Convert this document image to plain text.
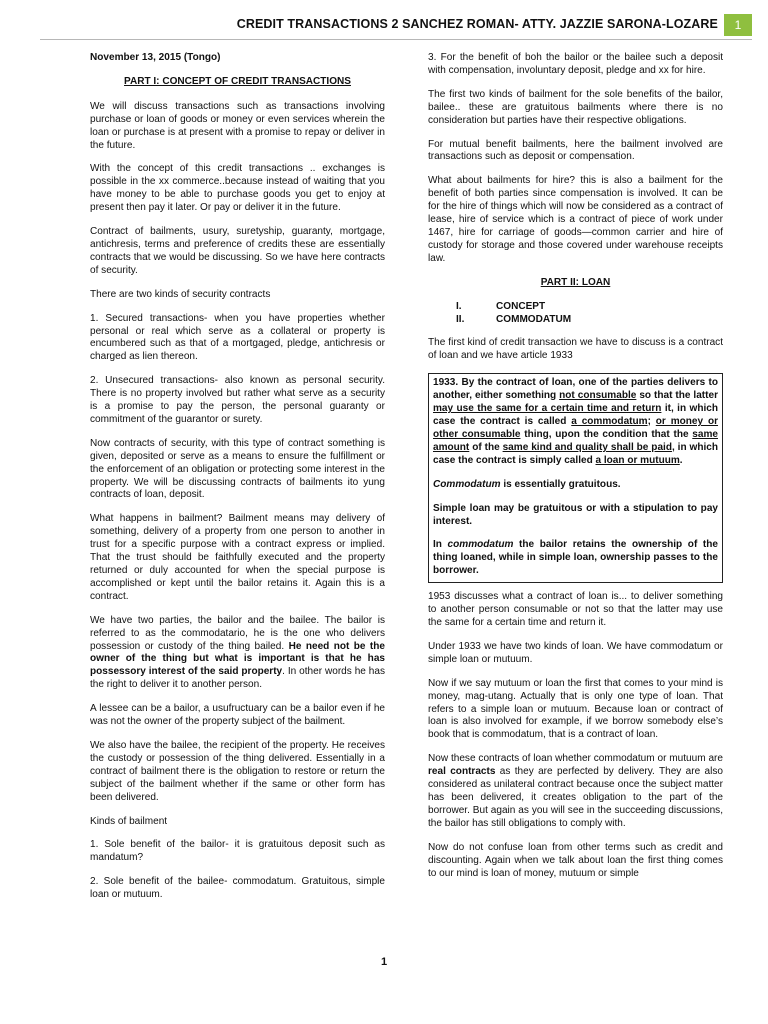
CREDIT TRANSACTIONS 2 SANCHEZ ROMAN- ATTY. JAZZIE SARONA-LOZARE	1

November 13, 2015 (Tongo)

PART I: CONCEPT OF CREDIT TRANSACTIONS

We will discuss transactions such as transactions involving purchase or loan of goods or money or even services wherein the loan or purchase is at present with a promise to repay or deliver in the future.

With the concept of this credit transactions .. exchanges is possible in the xx commerce..because instead of waiting that you have money to be able to purchase goods you get to enjoy at present then pay it later. Or pay or deliver it in the future.

Contract of bailments, usury, suretyship, guaranty, mortgage, antichresis, terms and preference of credits these are essentially contracts that we would be discussing. So we have here contracts of security.

There are two kinds of security contracts

1. Secured transactions- when you have properties whether personal or real which serve as a collateral or property is encumbered such as that of a mortgaged, pledge, antichresis or charged as lien thereon.

2. Unsecured transactions- also known as personal security. There is no property involved but rather what serve as a security is a promise to pay the person, the personal guaranty or commitment of the guarantor or surety.

Now contracts of security, with this type of contract something is given, deposited or serve as a means to ensure the fulfillment or the enforcement of an obligation or protecting some interest in the property. We will be discussing contracts of bailments ito yung contracts of loan, deposit.

What happens in bailment? Bailment means may delivery of something, delivery of a property from one person to another in trust for a specific purpose with a contract express or implied. That the trust should be faithfully executed and the property returned or duly accounted for when the special purpose is accomplished or kept until the bailor retains it. Again this is a contract.

We have two parties, the bailor and the bailee. The bailor is referred to as the commodatario, he is the one who delivers possession or custody of the thing bailed. He need not be the owner of the thing but what is important is that he has possessory interest of the said property. In other words he has the right to deliver it to another person.

A lessee can be a bailor, a usufructuary can be a bailor even if he was not the owner of the property subject of the bailment.

We also have the bailee, the recipient of the property. He receives the custody or possession of the thing delivered. Essentially in a contract of bailment there is the obligation to restore or return the subject of the bailment whether if the same or other form has been delivered.

Kinds of bailment

1. Sole benefit of the bailor- it is gratuitous deposit such as mandatum?

2. Sole benefit of the bailee- commodatum. Gratuitous, simple loan or mutuum.

3. For the benefit of boh the bailor or the bailee such a deposit with compensation, involuntary deposit, pledge and xx for hire.

The first two kinds of bailment for the sole benefits of the bailor, bailee.. these are gratuitous bailments where there is no consideration but parties have their respective obligations.

For mutual benefit bailments, here the bailment involved are transactions such as deposit or compensation.

What about bailments for hire? this is also a bailment for the benefit of both parties since compensation is involved. It can be for the hire of things which will now be considered as a contract of lease, hire of service which is a contract of piece of work under 1467, hire for carriage of goods—common carrier and hire of custody for storage and those covered under warehouse receipts law.

PART II: LOAN

I.	CONCEPT
II.	COMMODATUM

The first kind of credit transaction we have to discuss is a contract of loan and we have article 1933

1933. By the contract of loan, one of the parties delivers to another, either something not consumable so that the latter may use the same for a certain time and return it, in which case the contract is called a commodatum; or money or other consumable thing, upon the condition that the same amount of the same kind and quality shall be paid, in which case the contract is simply called a loan or mutuum.

Commodatum is essentially gratuitous.

Simple loan may be gratuitous or with a stipulation to pay interest.

In commodatum the bailor retains the ownership of the thing loaned, while in simple loan, ownership passes to the borrower.

1953 discusses what a contract of loan is... to deliver something to another person consumable or not so that the latter may use the same for a certain time and return it.

Under 1933 we have two kinds of loan. We have commodatum or simple loan or mutuum.

Now if we say mutuum or loan the first that comes to your mind is money, mag-utang. Actually that is only one type of loan. That refers to a simple loan or mutuum. Because loan or contract of loan is also involved for example, if we borrow somebody else’s book that is commodatum, that is a contract of loan.

Now these contracts of loan whether commodatum or mutuum are real contracts as they are perfected by delivery. They are also considered as unilateral contract because once the subject matter has been delivered, it creates obligation to the part of the borrower. But again as you will see in the succeeding discussions, the bailor has still obligations to comply with.

Now do not confuse loan from other terms such as credit and discounting. Again when we talk about loan the first thing comes to our mind is loan of money, mutuum or simple

1
